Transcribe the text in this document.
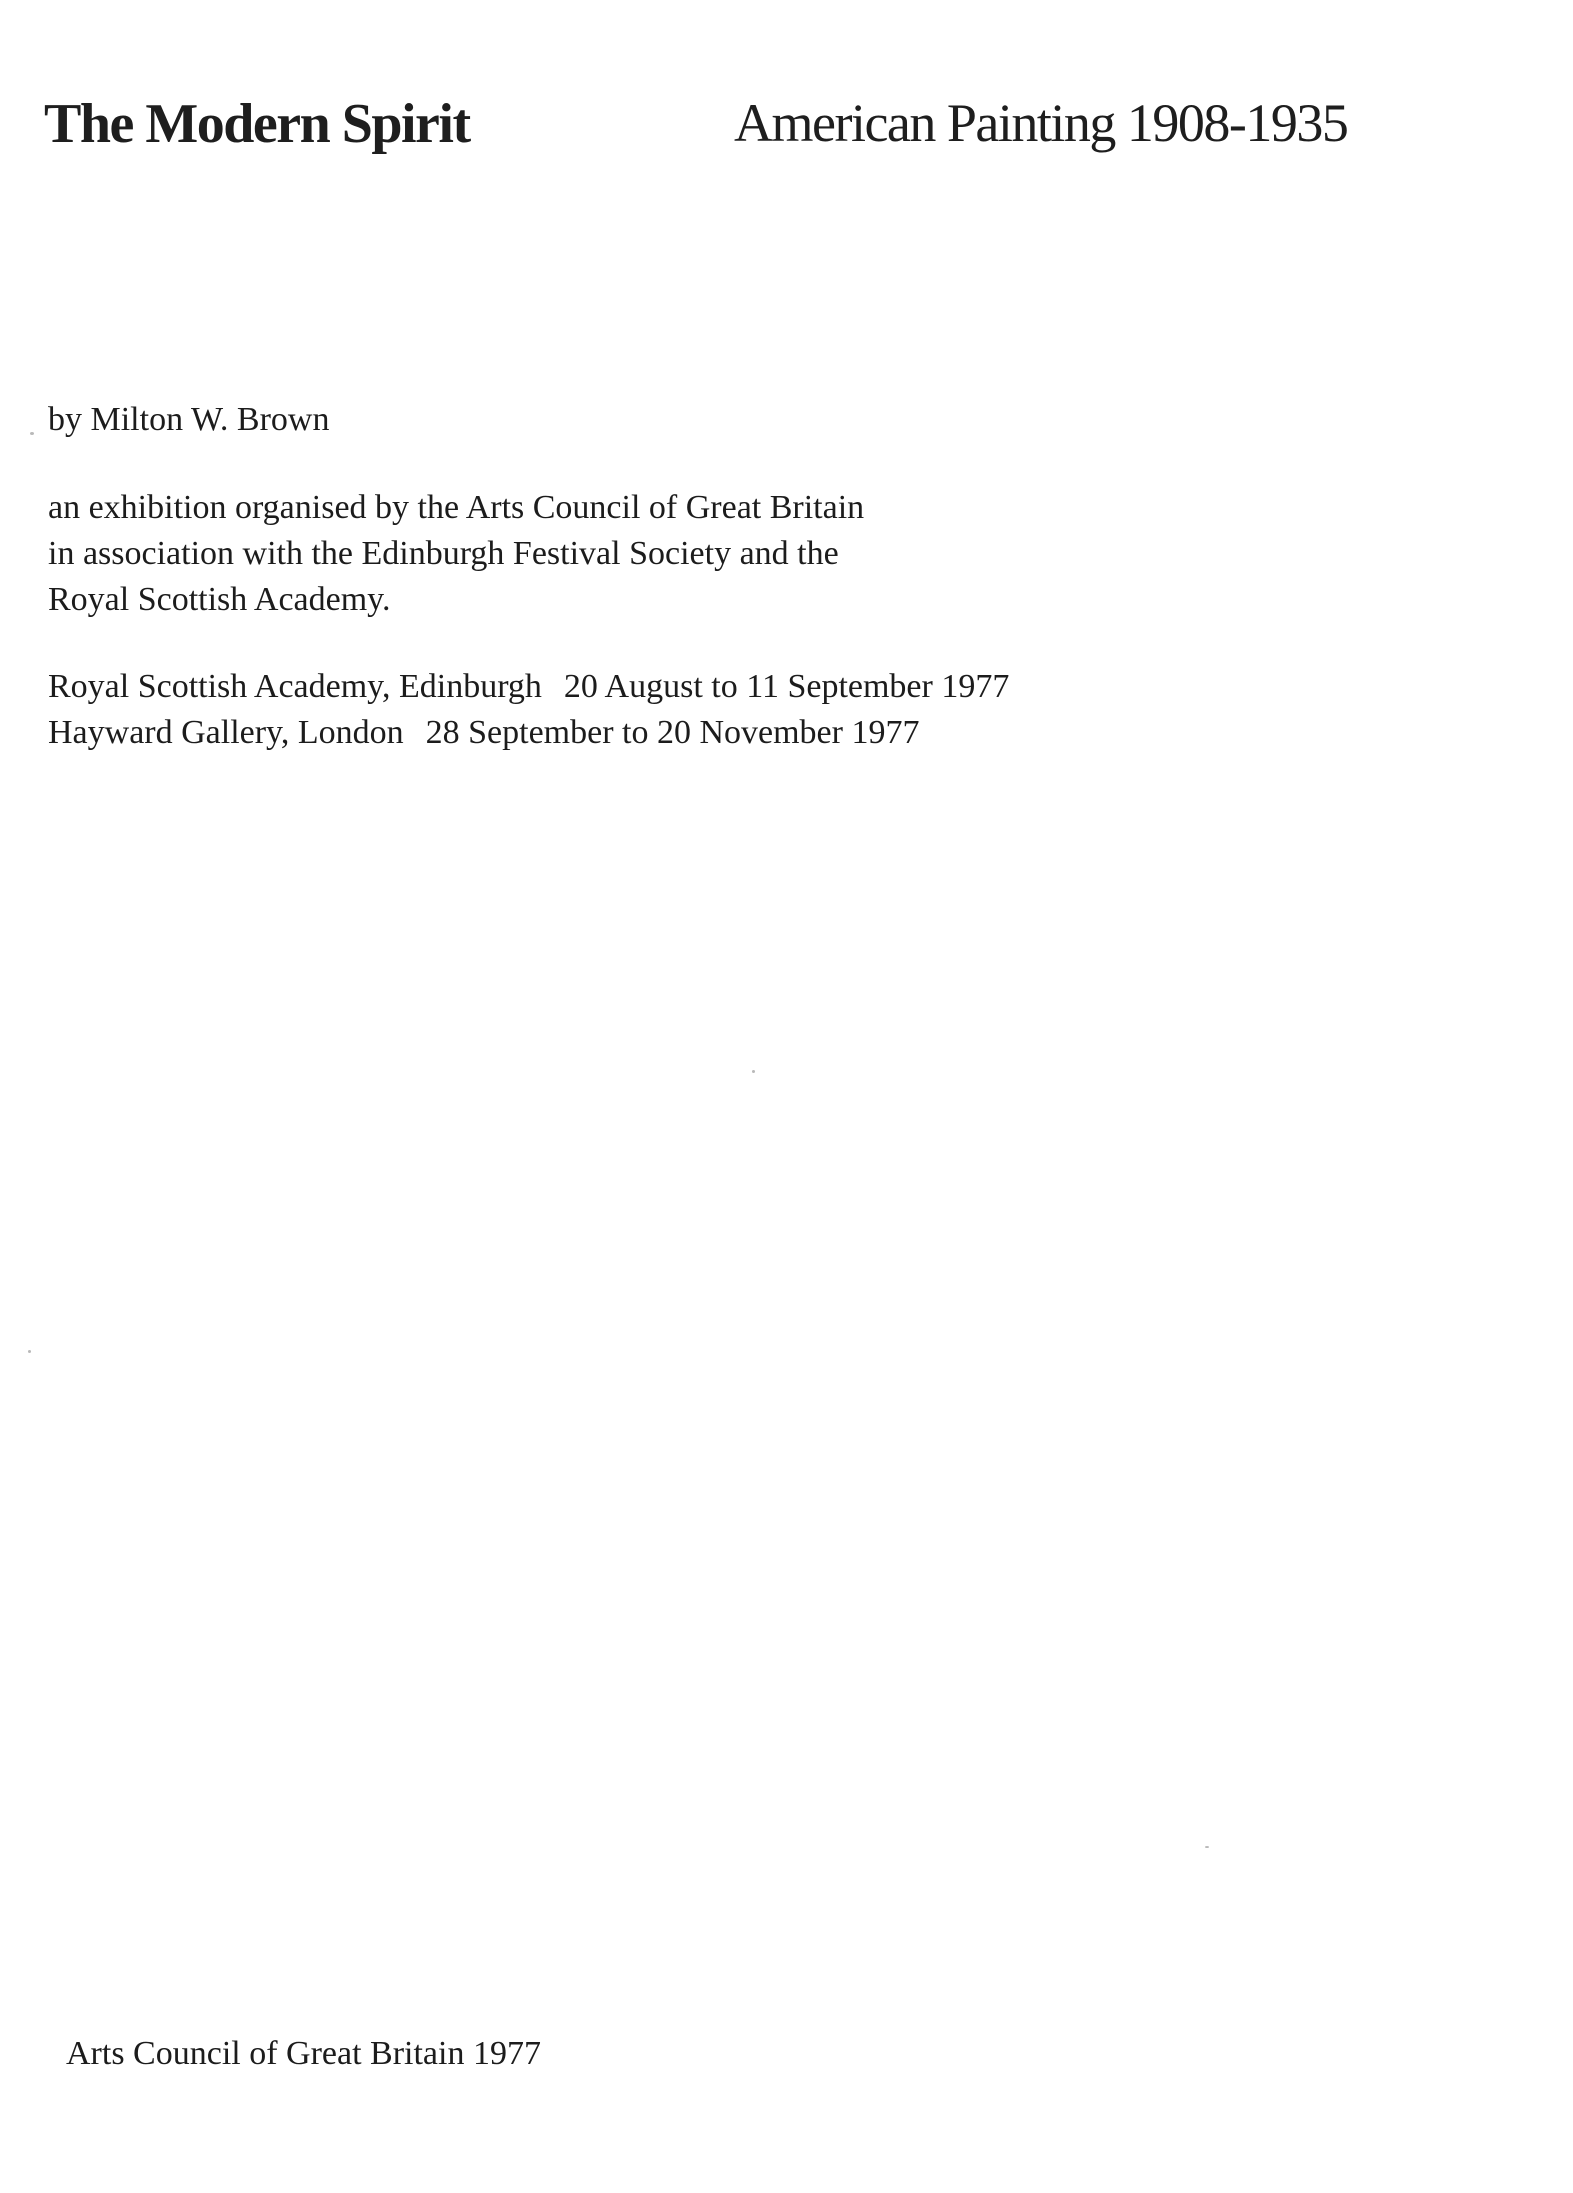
The Modern Spirit	American Painting 1908-1935
by Milton W. Brown
an exhibition organised by the Arts Council of Great Britain
in association with the Edinburgh Festival Society and the
Royal Scottish Academy.
Royal Scottish Academy, Edinburgh 20 August to 11 September 1977
Hayward Gallery, London 28 September to 20 November 1977
Arts Council of Great Britain 1977
